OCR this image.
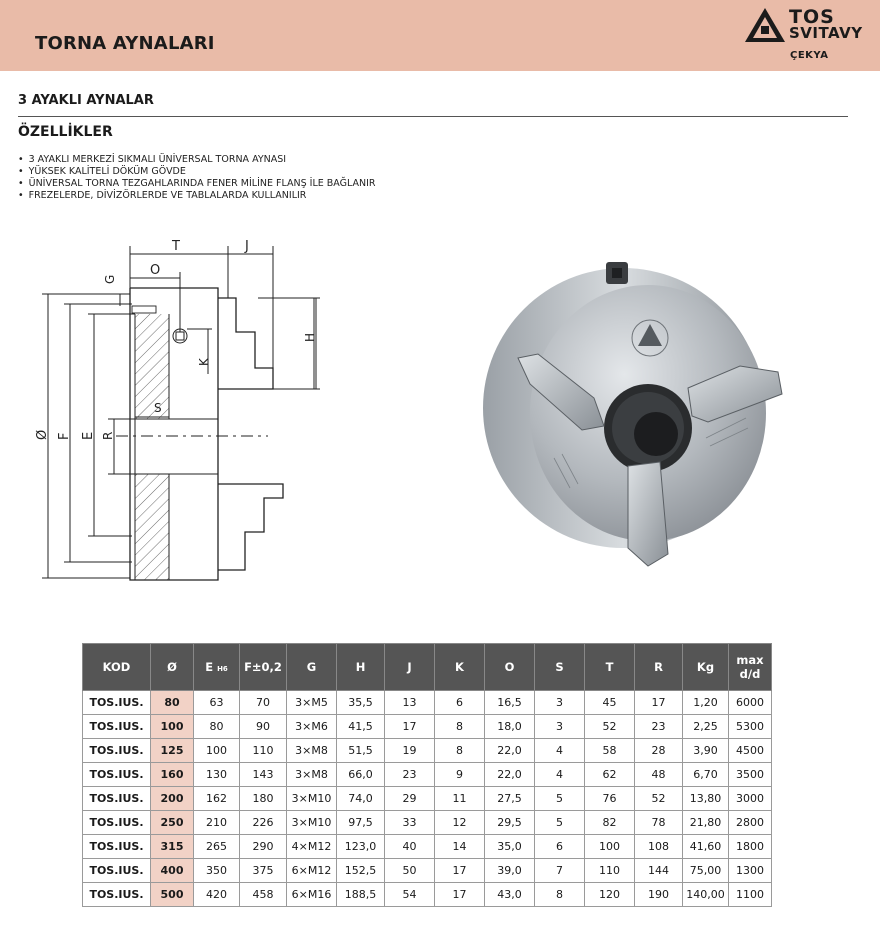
TORNA AYNALARI
TOS
SVITAVY
ÇEKYA
3 AYAKLI AYNALAR
ÖZELLİKLER
• 3 AYAKLI MERKEZİ SIKMALI ÜNİVERSAL TORNA AYNASI
• YÜKSEK KALİTELİ DÖKÜM GÖVDE
• ÜNİVERSAL TORNA TEZGAHLARINDA FENER MİLİNE FLANŞ İLE BAĞLANIR
• FREZELERDE, DİVİZÖRLERDE VE TABLALARDA KULLANILIR
T	J
O
G
H
K
S
R
E
F
Ø
KOD	Ø	E H6	F±0,2	G	H	J	K	O	S	T	R	Kg	max
d/d
TOS.IUS.	80	63	70	3×M5	35,5	13	6	16,5	3	45	17	1,20	6000
TOS.IUS.	100	80	90	3×M6	41,5	17	8	18,0	3	52	23	2,25	5300
TOS.IUS.	125	100	110	3×M8	51,5	19	8	22,0	4	58	28	3,90	4500
TOS.IUS.	160	130	143	3×M8	66,0	23	9	22,0	4	62	48	6,70	3500
TOS.IUS.	200	162	180	3×M10	74,0	29	11	27,5	5	76	52	13,80	3000
TOS.IUS.	250	210	226	3×M10	97,5	33	12	29,5	5	82	78	21,80	2800
TOS.IUS.	315	265	290	4×M12	123,0	40	14	35,0	6	100	108	41,60	1800
TOS.IUS.	400	350	375	6×M12	152,5	50	17	39,0	7	110	144	75,00	1300
TOS.IUS.	500	420	458	6×M16	188,5	54	17	43,0	8	120	190	140,00	1100
